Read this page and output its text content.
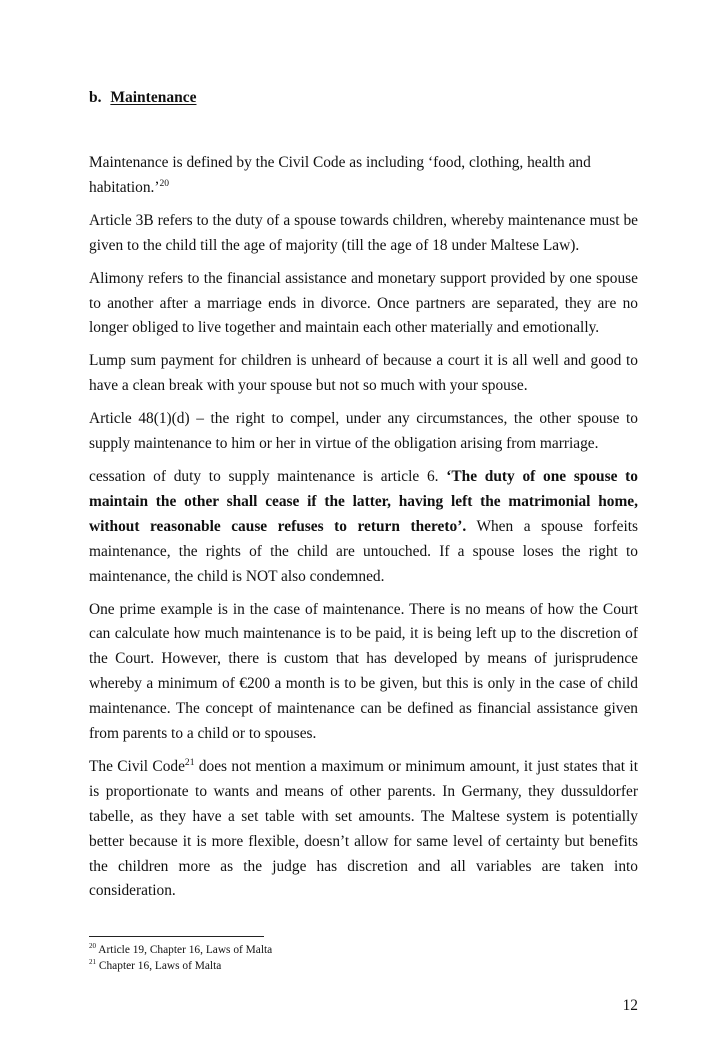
b. Maintenance

Maintenance is defined by the Civil Code as including ‘food, clothing, health and habitation.’$^{20}$

Article 3B refers to the duty of a spouse towards children, whereby maintenance must be given to the child till the age of majority (till the age of 18 under Maltese Law).

Alimony refers to the financial assistance and monetary support provided by one spouse to another after a marriage ends in divorce. Once partners are separated, they are no longer obliged to live together and maintain each other materially and emotionally.

Lump sum payment for children is unheard of because a court it is all well and good to have a clean break with your spouse but not so much with your spouse.

Article 48(1)(d) – the right to compel, under any circumstances, the other spouse to supply maintenance to him or her in virtue of the obligation arising from marriage.

cessation of duty to supply maintenance is article 6. ‘The duty of one spouse to maintain the other shall cease if the latter, having left the matrimonial home, without reasonable cause refuses to return thereto’. When a spouse forfeits maintenance, the rights of the child are untouched. If a spouse loses the right to maintenance, the child is NOT also condemned.

One prime example is in the case of maintenance. There is no means of how the Court can calculate how much maintenance is to be paid, it is being left up to the discretion of the Court. However, there is custom that has developed by means of jurisprudence whereby a minimum of €200 a month is to be given, but this is only in the case of child maintenance. The concept of maintenance can be defined as financial assistance given from parents to a child or to spouses.

The Civil Code$^{21}$ does not mention a maximum or minimum amount, it just states that it is proportionate to wants and means of other parents. In Germany, they dussuldorfer tabelle, as they have a set table with set amounts. The Maltese system is potentially better because it is more flexible, doesn’t allow for same level of certainty but benefits the children more as the judge has discretion and all variables are taken into consideration.

$^{20}$ Article 19, Chapter 16, Laws of Malta
$^{21}$ Chapter 16, Laws of Malta
12
